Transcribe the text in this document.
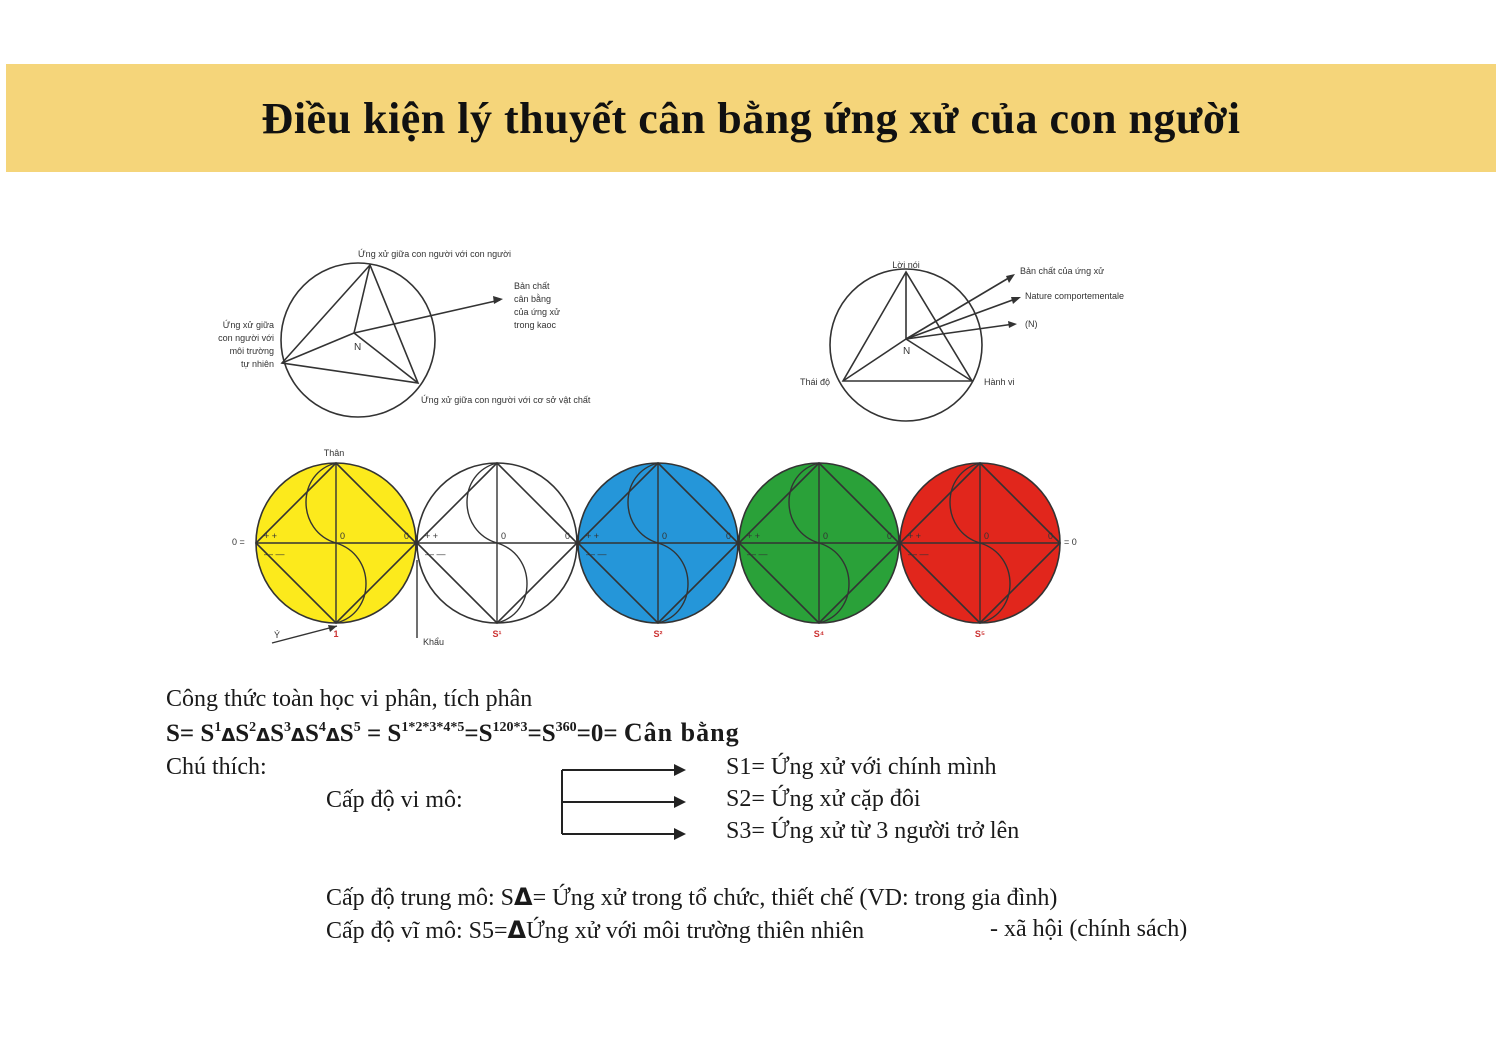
Điều kiện lý thuyết cân bằng ứng xử của con người
N
Ứng xử giữa con người với con người
Ứng xử giữa
con người với
môi trường
tự nhiên
Bản chất
cân bằng
của ứng xử
trong kaoc
Ứng xử giữa con người với cơ sở vật chất
N
Lời nói
Thái độ	Hành vi
Bản chất của ứng xử
Nature comportementale
(N)
Thân
0 =	= 0
+ +
— —
0	0
1
+ +
— —
0	0
S¹
+ +
— —
0	0
S²
+ +
— —
0	0
S⁴
+ +
— —
0	0
S⁵
Ý
Khẩu
Công thức toàn học vi phân, tích phân
$S= S^1\Delta S^2\Delta S^3\Delta S^4\Delta S^5 = S^{1*2*3*4*5}=S^{120*3}=S^{360}=0=$ Cân bằng
Chú thích:
Cấp độ vi mô:
S1= Ứng xử với chính mình
S2= Ứng xử cặp đôi
S3= Ứng xử từ 3 người trở lên
Cấp độ trung mô: SΔ= Ứng xử trong tổ chức, thiết chế (VD: trong gia đình)
Cấp độ vĩ mô: S5=ΔỨng xử với môi trường thiên nhiên	- xã hội (chính sách)
